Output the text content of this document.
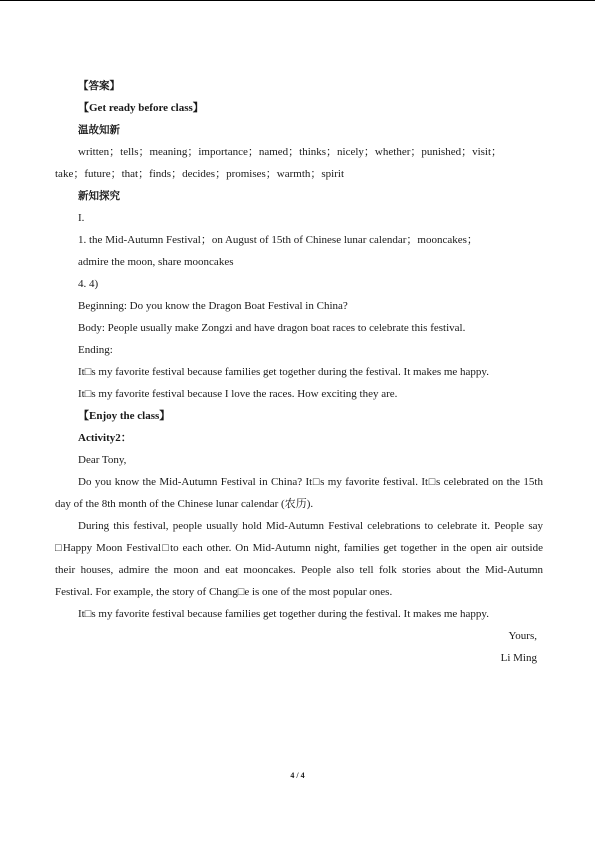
【答案】
【Get ready before class】
温故知新
written；tells；meaning；importance；named；thinks；nicely；whether；punished；visit；
take；future；that；finds；decides；promises；warmth；spirit
新知探究
I.
1. the Mid-Autumn Festival；on August of 15th of Chinese lunar calendar；mooncakes；
admire the moon, share mooncakes
4. 4)
Beginning: Do you know the Dragon Boat Festival in China?
Body: People usually make Zongzi and have dragon boat races to celebrate this festival.
Ending:
It□s my favorite festival because families get together during the festival. It makes me happy.
It□s my favorite festival because I love the races. How exciting they are.
【Enjoy the class】
Activity2：
Dear Tony,
Do you know the Mid-Autumn Festival in China? It□s my favorite festival. It□s celebrated on the 15th day of the 8th month of the Chinese lunar calendar (农历).
During this festival, people usually hold Mid-Autumn Festival celebrations to celebrate it. People say □Happy Moon Festival□to each other. On Mid-Autumn night, families get together in the open air outside their houses, admire the moon and eat mooncakes. People also tell folk stories about the Mid-Autumn Festival. For example, the story of Chang□e is one of the most popular ones.
It□s my favorite festival because families get together during the festival. It makes me happy.
Yours,
Li Ming
4 / 4
